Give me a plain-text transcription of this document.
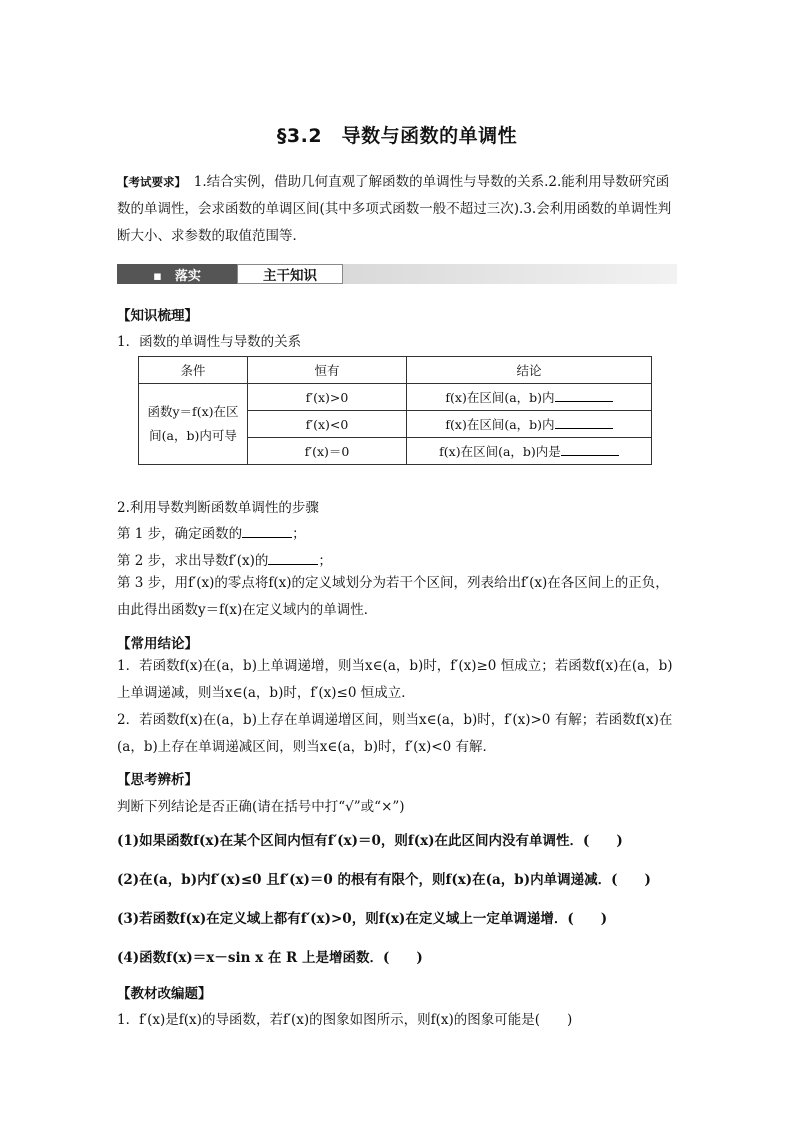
§3.2　导数与函数的单调性
【考试要求】　1.结合实例，借助几何直观了解函数的单调性与导数的关系.2.能利用导数研究函数的单调性，会求函数的单调区间(其中多项式函数一般不超过三次).3.会利用函数的单调性判断大小、求参数的取值范围等．
▪　落实	主干知识
【知识梳理】
1．函数的单调性与导数的关系
条件	恒有	结论
函数y＝f(x)在区间(a，b)内可导	f′(x)>0	f(x)在区间(a，b)内
	f′(x)<0	f(x)在区间(a，b)内
	f′(x)＝0	f(x)在区间(a，b)内是
2.利用导数判断函数单调性的步骤
第 1 步，确定函数的	；
第 2 步，求出导数f′(x)的	；
第 3 步，用f′(x)的零点将f(x)的定义域划分为若干个区间，列表给出f′(x)在各区间上的正负，由此得出函数y＝f(x)在定义域内的单调性．
【常用结论】
1．若函数f(x)在(a，b)上单调递增，则当x∈(a，b)时，f′(x)≥0 恒成立；若函数f(x)在(a，b)上单调递减，则当x∈(a，b)时，f′(x)≤0 恒成立．
2．若函数f(x)在(a，b)上存在单调递增区间，则当x∈(a，b)时，f′(x)>0 有解；若函数f(x)在(a，b)上存在单调递减区间，则当x∈(a，b)时，f′(x)<0 有解．
【思考辨析】
判断下列结论是否正确(请在括号中打“√”或“×”)
(1)如果函数f(x)在某个区间内恒有f′(x)＝0，则f(x)在此区间内没有单调性．(　　)
(2)在(a，b)内f′(x)≤0 且f′(x)＝0 的根有有限个，则f(x)在(a，b)内单调递减．(　　)
(3)若函数f(x)在定义域上都有f′(x)>0，则f(x)在定义域上一定单调递增．(　　)
(4)函数f(x)＝x－sin x 在 R 上是增函数．(　　)
【教材改编题】
1．f′(x)是f(x)的导函数，若f′(x)的图象如图所示，则f(x)的图象可能是(　　)
